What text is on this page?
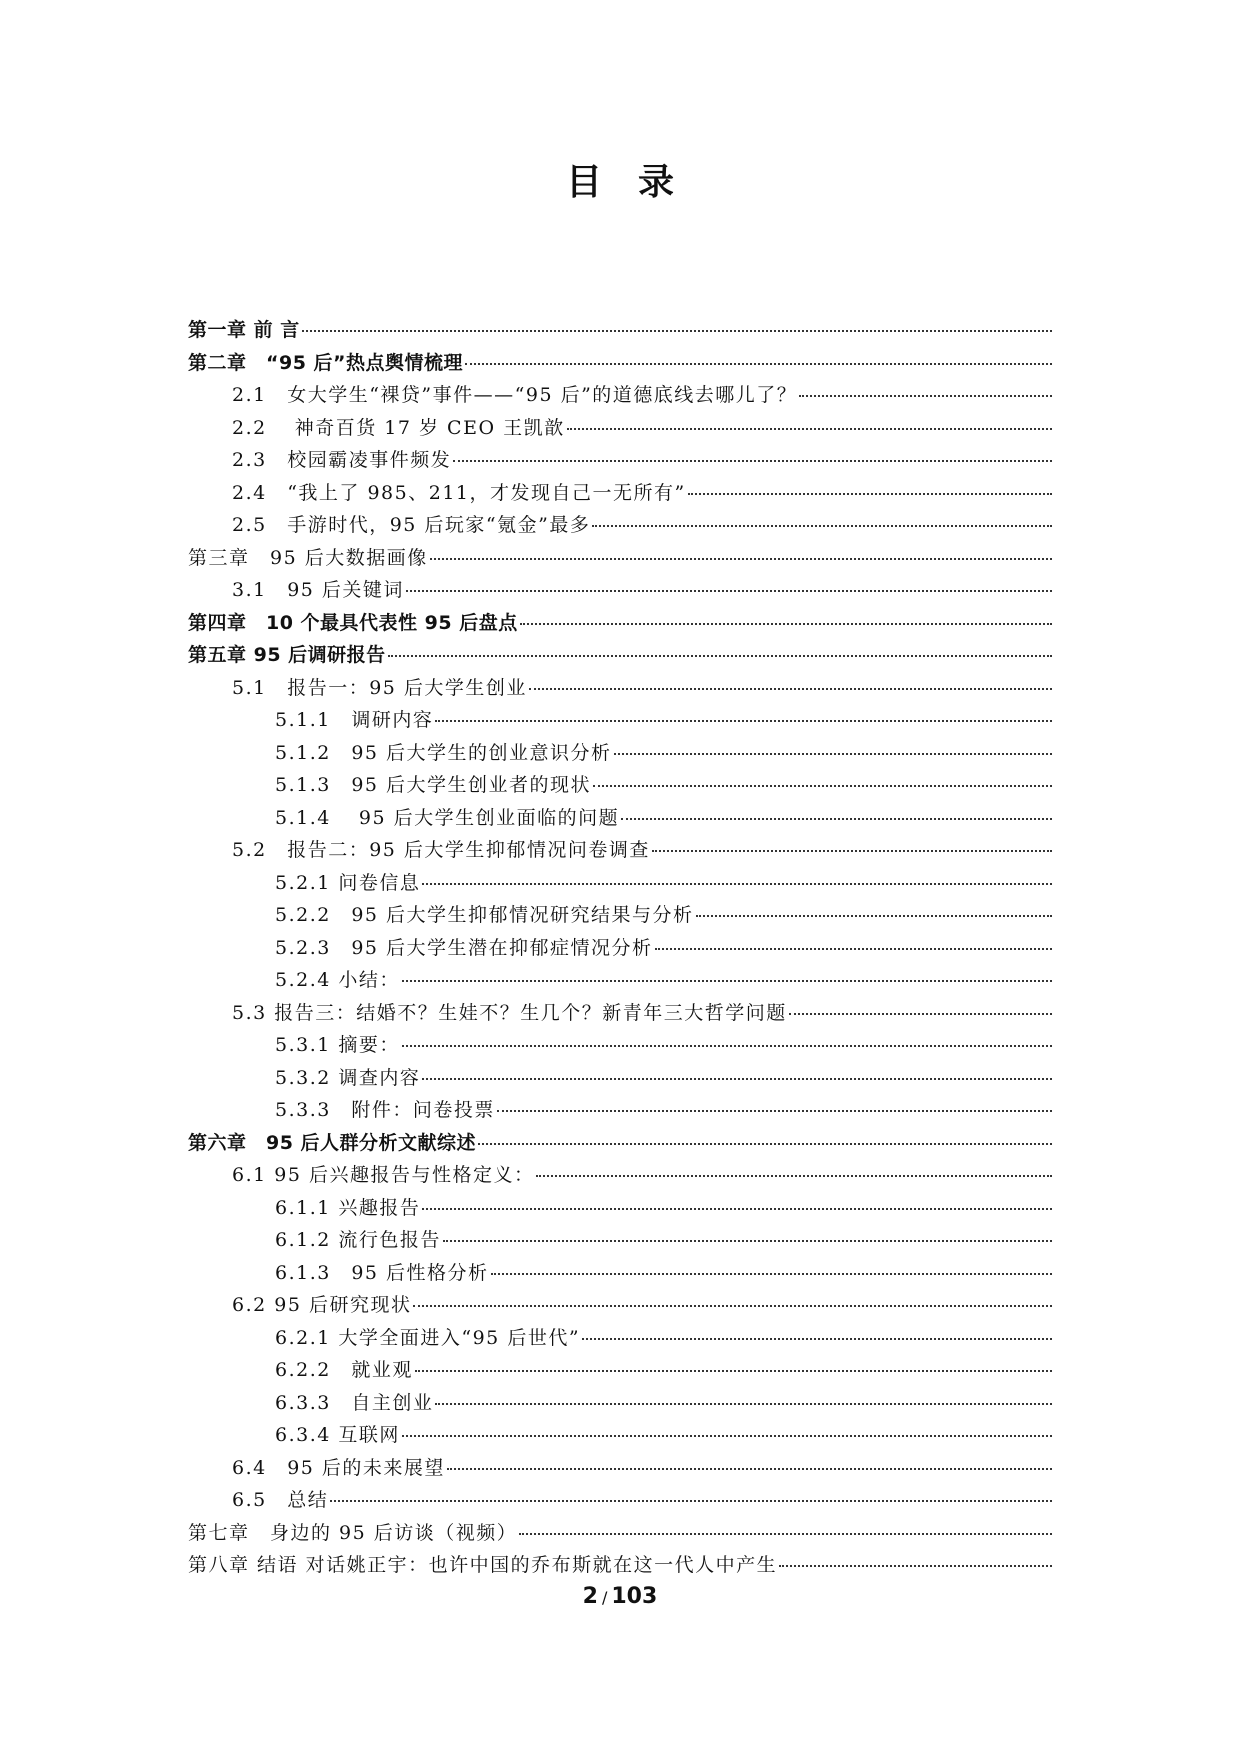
目录
第一章 前 言
第二章　“95 后”热点舆情梳理
2.1　女大学生“裸贷”事件——“95 后”的道德底线去哪儿了？
2.2　 神奇百货 17 岁 CEO 王凯歆
2.3　校园霸凌事件频发
2.4　“我上了 985、211，才发现自己一无所有”
2.5　手游时代，95 后玩家“氪金”最多
第三章　95 后大数据画像
3.1　95 后关键词
第四章　10 个最具代表性 95 后盘点
第五章 95 后调研报告
5.1　报告一：95 后大学生创业
5.1.1　调研内容
5.1.2　95 后大学生的创业意识分析
5.1.3　95 后大学生创业者的现状
5.1.4　 95 后大学生创业面临的问题
5.2　报告二：95 后大学生抑郁情况问卷调查
5.2.1 问卷信息
5.2.2　95 后大学生抑郁情况研究结果与分析
5.2.3　95 后大学生潜在抑郁症情况分析
5.2.4 小结：
5.3 报告三：结婚不？生娃不？生几个？新青年三大哲学问题
5.3.1 摘要：
5.3.2 调查内容
5.3.3　附件：问卷投票
第六章　95 后人群分析文献综述
6.1 95 后兴趣报告与性格定义：
6.1.1 兴趣报告
6.1.2 流行色报告
6.1.3　95 后性格分析
6.2 95 后研究现状
6.2.1 大学全面进入“95 后世代”
6.2.2　就业观
6.3.3　自主创业
6.3.4 互联网
6.4　95 后的未来展望
6.5　总结
第七章　身边的 95 后访谈（视频）
第八章 结语 对话姚正宇：也许中国的乔布斯就在这一代人中产生
2 / 103
